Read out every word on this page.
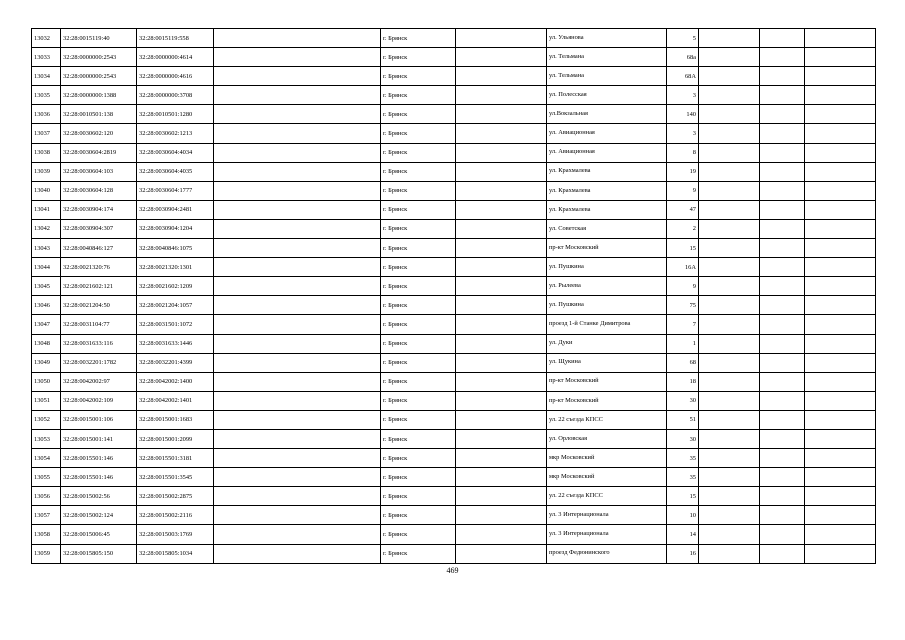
13032	32:28:0015119:40	32:28:0015119:558		г. Брянск		ул. Ульянова	5			
13033	32:28:0000000:2543	32:28:0000000:4614		г. Брянск		ул. Тельмана	68а			
13034	32:28:0000000:2543	32:28:0000000:4616		г. Брянск		ул. Тельмана	68А			
13035	32:28:0000000:1388	32:28:0000000:3708		г. Брянск		ул. Полесская	3			
13036	32:28:0010501:138	32:28:0010501:1280		г. Брянск		ул.Вокзальная	140			
13037	32:28:0030602:120	32:28:0030602:1213		г. Брянск		ул. Авиационная	3			
13038	32:28:0030604:2819	32:28:0030604:4034		г. Брянск		ул. Авиационная	8			
13039	32:28:0030604:103	32:28:0030604:4035		г. Брянск		ул. Крахмалева	19			
13040	32:28:0030604:128	32:28:0030604:1777		г. Брянск		ул. Крахмалева	9			
13041	32:28:0030904:174	32:28:0030904:2481		г. Брянск		ул. Крахмалева	47			
13042	32:28:0030904:307	32:28:0030904:1204		г. Брянск		ул. Советская	2			
13043	32:28:0040846:127	32:28:0040846:1075		г. Брянск		пр-кт Московский	15			
13044	32:28:0021320:76	32:28:0021320:1301		г. Брянск		ул. Пушкина	16А			
13045	32:28:0021602:121	32:28:0021602:1209		г. Брянск		ул. Рылеева	9			
13046	32:28:0021204:50	32:28:0021204:1057		г. Брянск		ул. Пушкина	75			
13047	32:28:0031104:77	32:28:0031501:1072		г. Брянск		проезд 1-й Станке Димитрова	7			
13048	32:28:0031633:116	32:28:0031633:1446		г. Брянск		ул. Дуки	1			
13049	32:28:0032201:1782	32:28:0032201:4399		г. Брянск		ул. Щукина	68			
13050	32:28:0042002:97	32:28:0042002:1400		г. Брянск		пр-кт Московский	18			
13051	32:28:0042002:109	32:28:0042002:1401		г. Брянск		пр-кт Московский	30			
13052	32:28:0015001:106	32:28:0015001:1683		г. Брянск		ул. 22 съезда КПСС	51			
13053	32:28:0015001:141	32:28:0015001:2099		г. Брянск		ул. Орловская	30			
13054	32:28:0015501:146	32:28:0015501:3181		г. Брянск		мкр Московский	35			
13055	32:28:0015501:146	32:28:0015501:3545		г. Брянск		мкр Московский	35			
13056	32:28:0015002:56	32:28:0015002:2875		г. Брянск		ул. 22 съезда КПСС	15			
13057	32:28:0015002:124	32:28:0015002:2116		г. Брянск		ул. 3 Интернационала	10			
13058	32:28:0015006:45	32:28:0015003:1769		г. Брянск		ул. 3 Интернационала	14			
13059	32:28:0015805:150	32:28:0015805:1034		г. Брянск		проезд Федюнинского	16			
469
